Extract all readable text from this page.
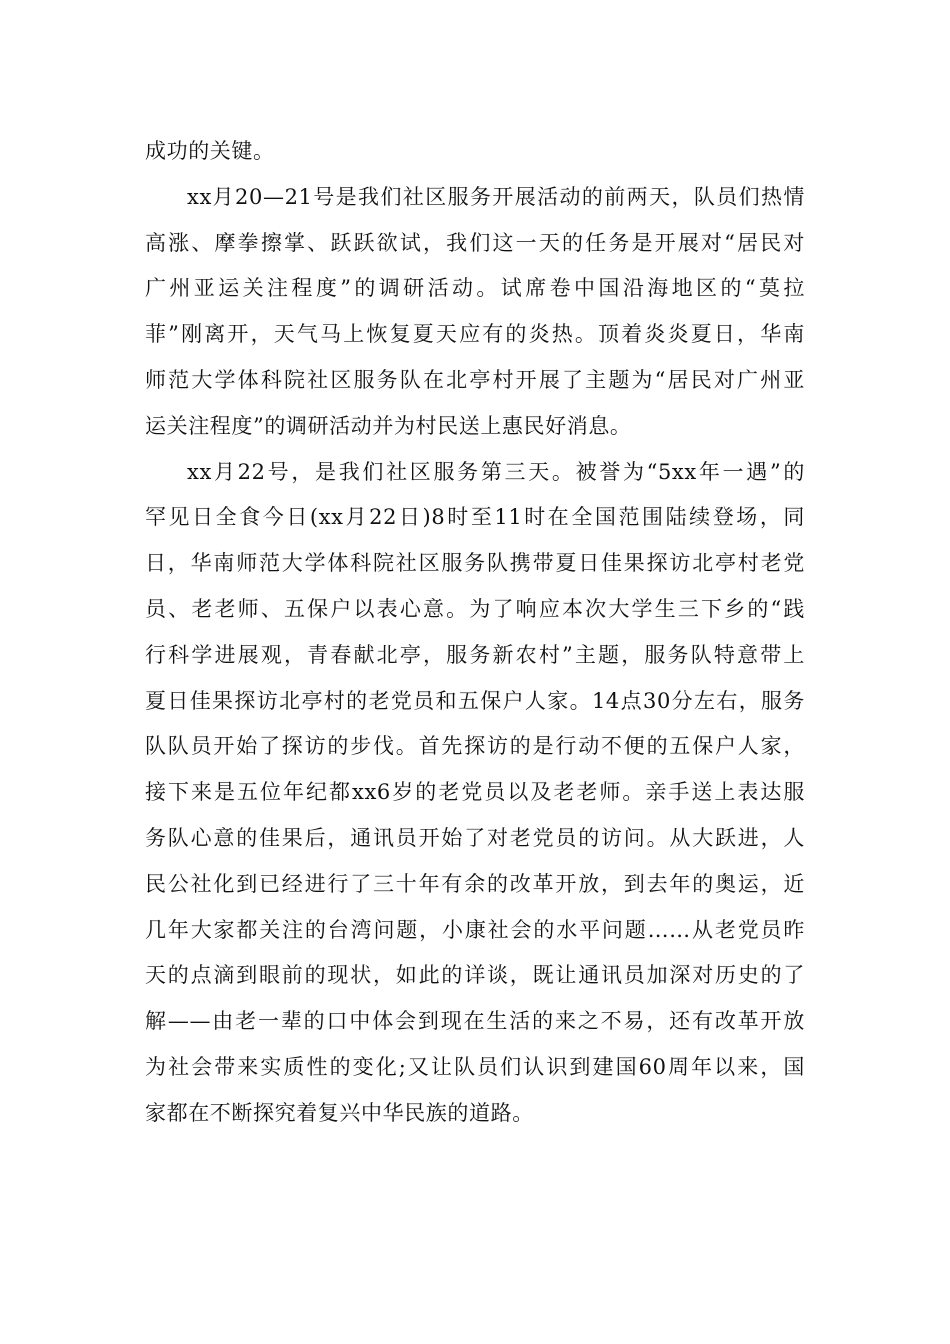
成功的关键。
xx月20—21号是我们社区服务开展活动的前两天，队员们热情
高涨、摩拳擦掌、跃跃欲试，我们这一天的任务是开展对“居民对
广州亚运关注程度”的调研活动。试席卷中国沿海地区的“莫拉
菲”刚离开，天气马上恢复夏天应有的炎热。顶着炎炎夏日，华南
师范大学体科院社区服务队在北亭村开展了主题为“居民对广州亚
运关注程度”的调研活动并为村民送上惠民好消息。
xx月22号，是我们社区服务第三天。被誉为“5xx年一遇”的
罕见日全食今日(xx月22日)8时至11时在全国范围陆续登场，同
日，华南师范大学体科院社区服务队携带夏日佳果探访北亭村老党
员、老老师、五保户以表心意。为了响应本次大学生三下乡的“践
行科学进展观，青春献北亭，服务新农村”主题，服务队特意带上
夏日佳果探访北亭村的老党员和五保户人家。14点30分左右，服务
队队员开始了探访的步伐。首先探访的是行动不便的五保户人家，
接下来是五位年纪都xx6岁的老党员以及老老师。亲手送上表达服
务队心意的佳果后，通讯员开始了对老党员的访问。从大跃进，人
民公社化到已经进行了三十年有余的改革开放，到去年的奥运，近
几年大家都关注的台湾问题，小康社会的水平问题……从老党员昨
天的点滴到眼前的现状，如此的详谈，既让通讯员加深对历史的了
解——由老一辈的口中体会到现在生活的来之不易，还有改革开放
为社会带来实质性的变化;又让队员们认识到建国60周年以来，国
家都在不断探究着复兴中华民族的道路。
